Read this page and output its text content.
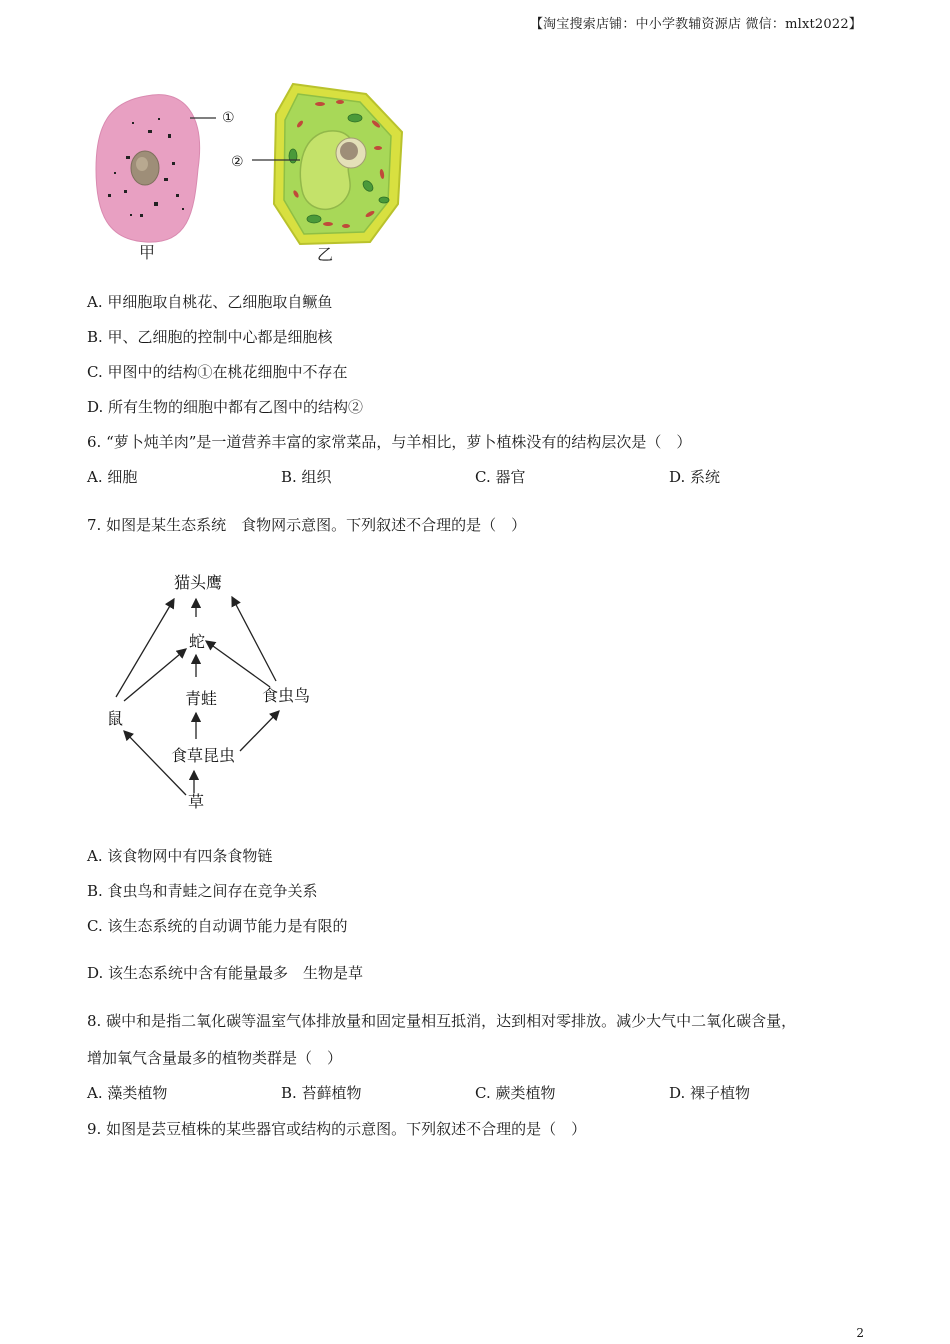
【淘宝搜索店铺：中小学教辅资源店 微信：mlxt2022】
①
甲
②
乙
A. 甲细胞取自桃花、乙细胞取自鳜鱼
B. 甲、乙细胞的控制中心都是细胞核
C. 甲图中的结构①在桃花细胞中不存在
D. 所有生物的细胞中都有乙图中的结构②
6. “萝卜炖羊肉”是一道营养丰富的家常菜品，与羊相比，萝卜植株没有的结构层次是（　）
A. 细胞	B. 组织	C. 器官	D. 系统
7. 如图是某生态系统　食物网示意图。下列叙述不合理的是（　）
猫头鹰
蛇
青蛙	食虫鸟
鼠
食草昆虫
草
A. 该食物网中有四条食物链
B. 食虫鸟和青蛙之间存在竞争关系
C. 该生态系统的自动调节能力是有限的
D. 该生态系统中含有能量最多　生物是草
8. 碳中和是指二氧化碳等温室气体排放量和固定量相互抵消，达到相对零排放。减少大气中二氧化碳含量，
增加氧气含量最多的植物类群是（　）
A. 藻类植物	B. 苔藓植物	C. 蕨类植物	D. 裸子植物
9. 如图是芸豆植株的某些器官或结构的示意图。下列叙述不合理的是（　）
2
